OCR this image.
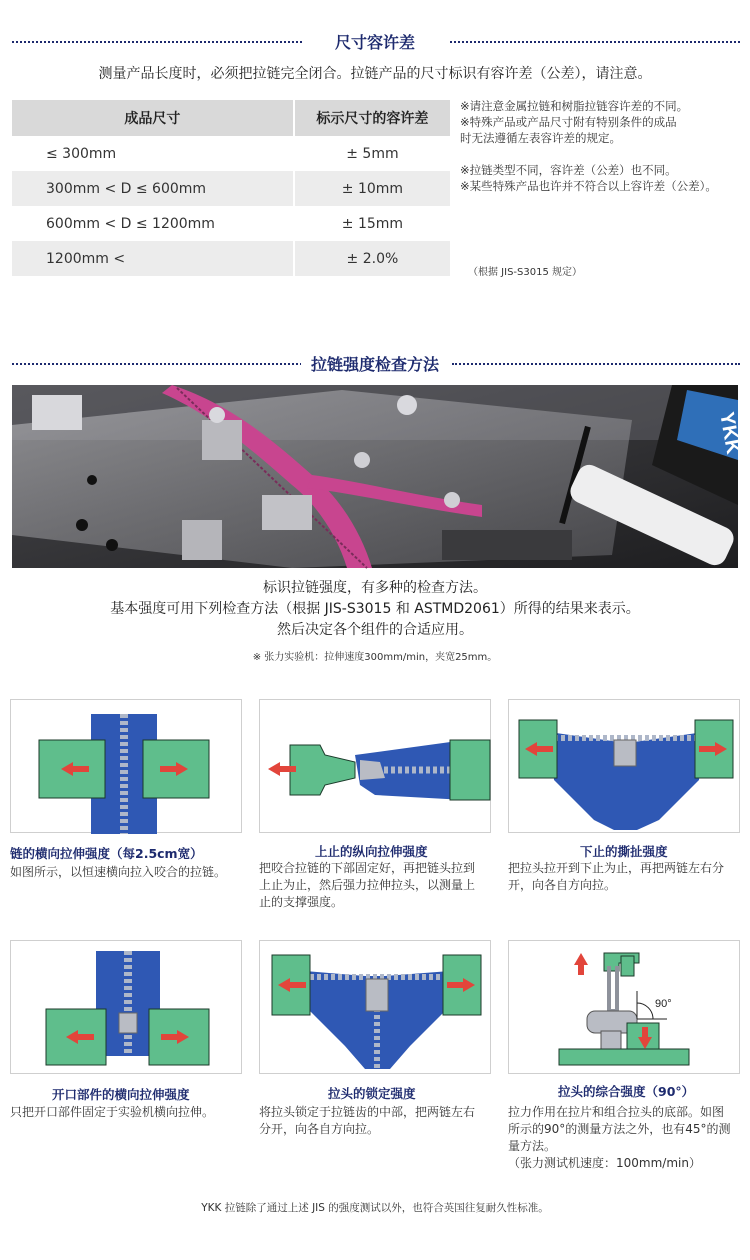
尺寸容许差
测量产品长度时，必须把拉链完全闭合。拉链产品的尺寸标识有容许差（公差），请注意。
成品尺寸	标示尺寸的容许差
≤ 300mm	± 5mm
300mm < D ≤ 600mm	± 10mm
600mm < D ≤ 1200mm	± 15mm
1200mm <	± 2.0%

※请注意金属拉链和树脂拉链容许差的不同。
※特殊产品或产品尺寸附有特别条件的成品
时无法遵循左表容许差的规定。

※拉链类型不同，容许差（公差）也不同。
※某些特殊产品也许并不符合以上容许差（公差）。

（根据 JIS-S3015 规定）
拉链强度检查方法
YKK
标识拉链强度，有多种的检查方法。
基本强度可用下列检查方法（根据 JIS-S3015 和 ASTMD2061）所得的结果来表示。
然后决定各个组件的合适应用。
※ 张力实验机：拉伸速度300mm/min，夹宽25mm。
链的横向拉伸强度（每2.5cm宽）
如图所示，以恒速横向拉入咬合的拉链。
上止的纵向拉伸强度
把咬合拉链的下部固定好，再把链头拉到
上止为止，然后强力拉伸拉头，以测量上
止的支撑强度。
下止的撕扯强度
把拉头拉开到下止为止，再把两链左右分
开，向各自方向拉。
开口部件的横向拉伸强度
只把开口部件固定于实验机横向拉伸。
拉头的锁定强度
将拉头锁定于拉链齿的中部，把两链左右
分开，向各自方向拉。
90°
拉头的综合强度（90°）
拉力作用在拉片和组合拉头的底部。如图
所示的90°的测量方法之外，也有45°的测
量方法。
（张力测试机速度：100mm/min）
YKK 拉链除了通过上述 JIS 的强度测试以外，也符合英国往复耐久性标准。
